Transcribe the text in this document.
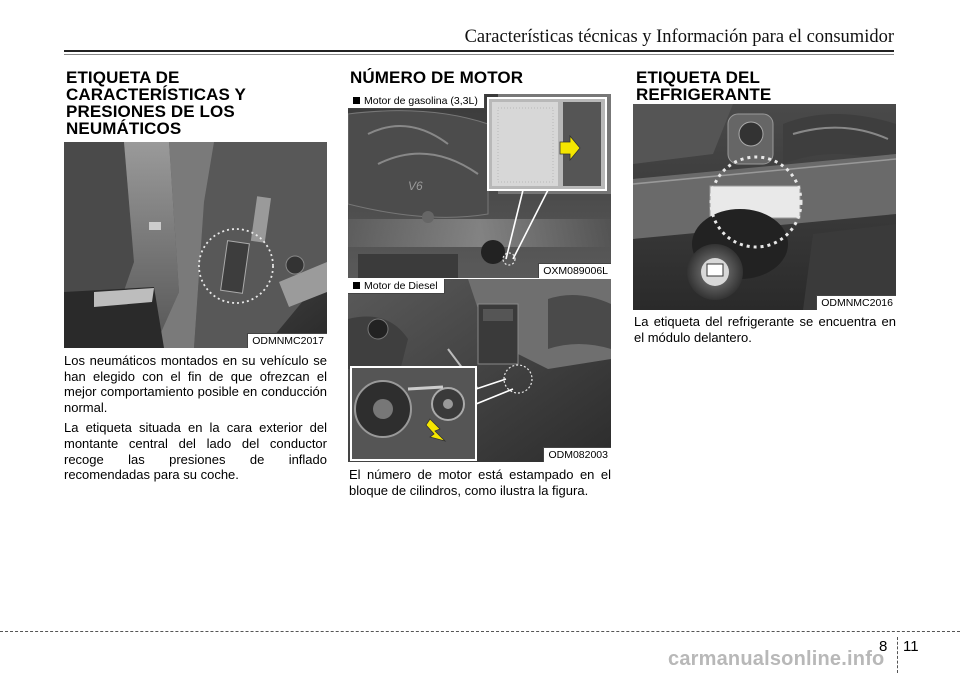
Características técnicas y Información para el consumidor
ETIQUETA DE
CARACTERÍSTICAS Y
PRESIONES DE LOS
NEUMÁTICOS
ODMNMC2017

Los neumáticos montados en su vehículo se han elegido con el fin de que ofrezcan el mejor comportamiento posible en conducción normal.

La etiqueta situada en la cara exterior del montante central del lado del conductor recoge las presiones de inflado recomendadas para su coche.

NÚMERO DE MOTOR
V6
Motor de gasolina (3,3L)
OXM089006L
Motor de Diesel
ODM082003

El número de motor está estampado en el bloque de cilindros, como ilustra la figura.

ETIQUETA DEL
REFRIGERANTE
ODMNMC2016

La etiqueta del refrigerante se encuentra en el módulo delantero.

8 11
carmanualsonline.info
